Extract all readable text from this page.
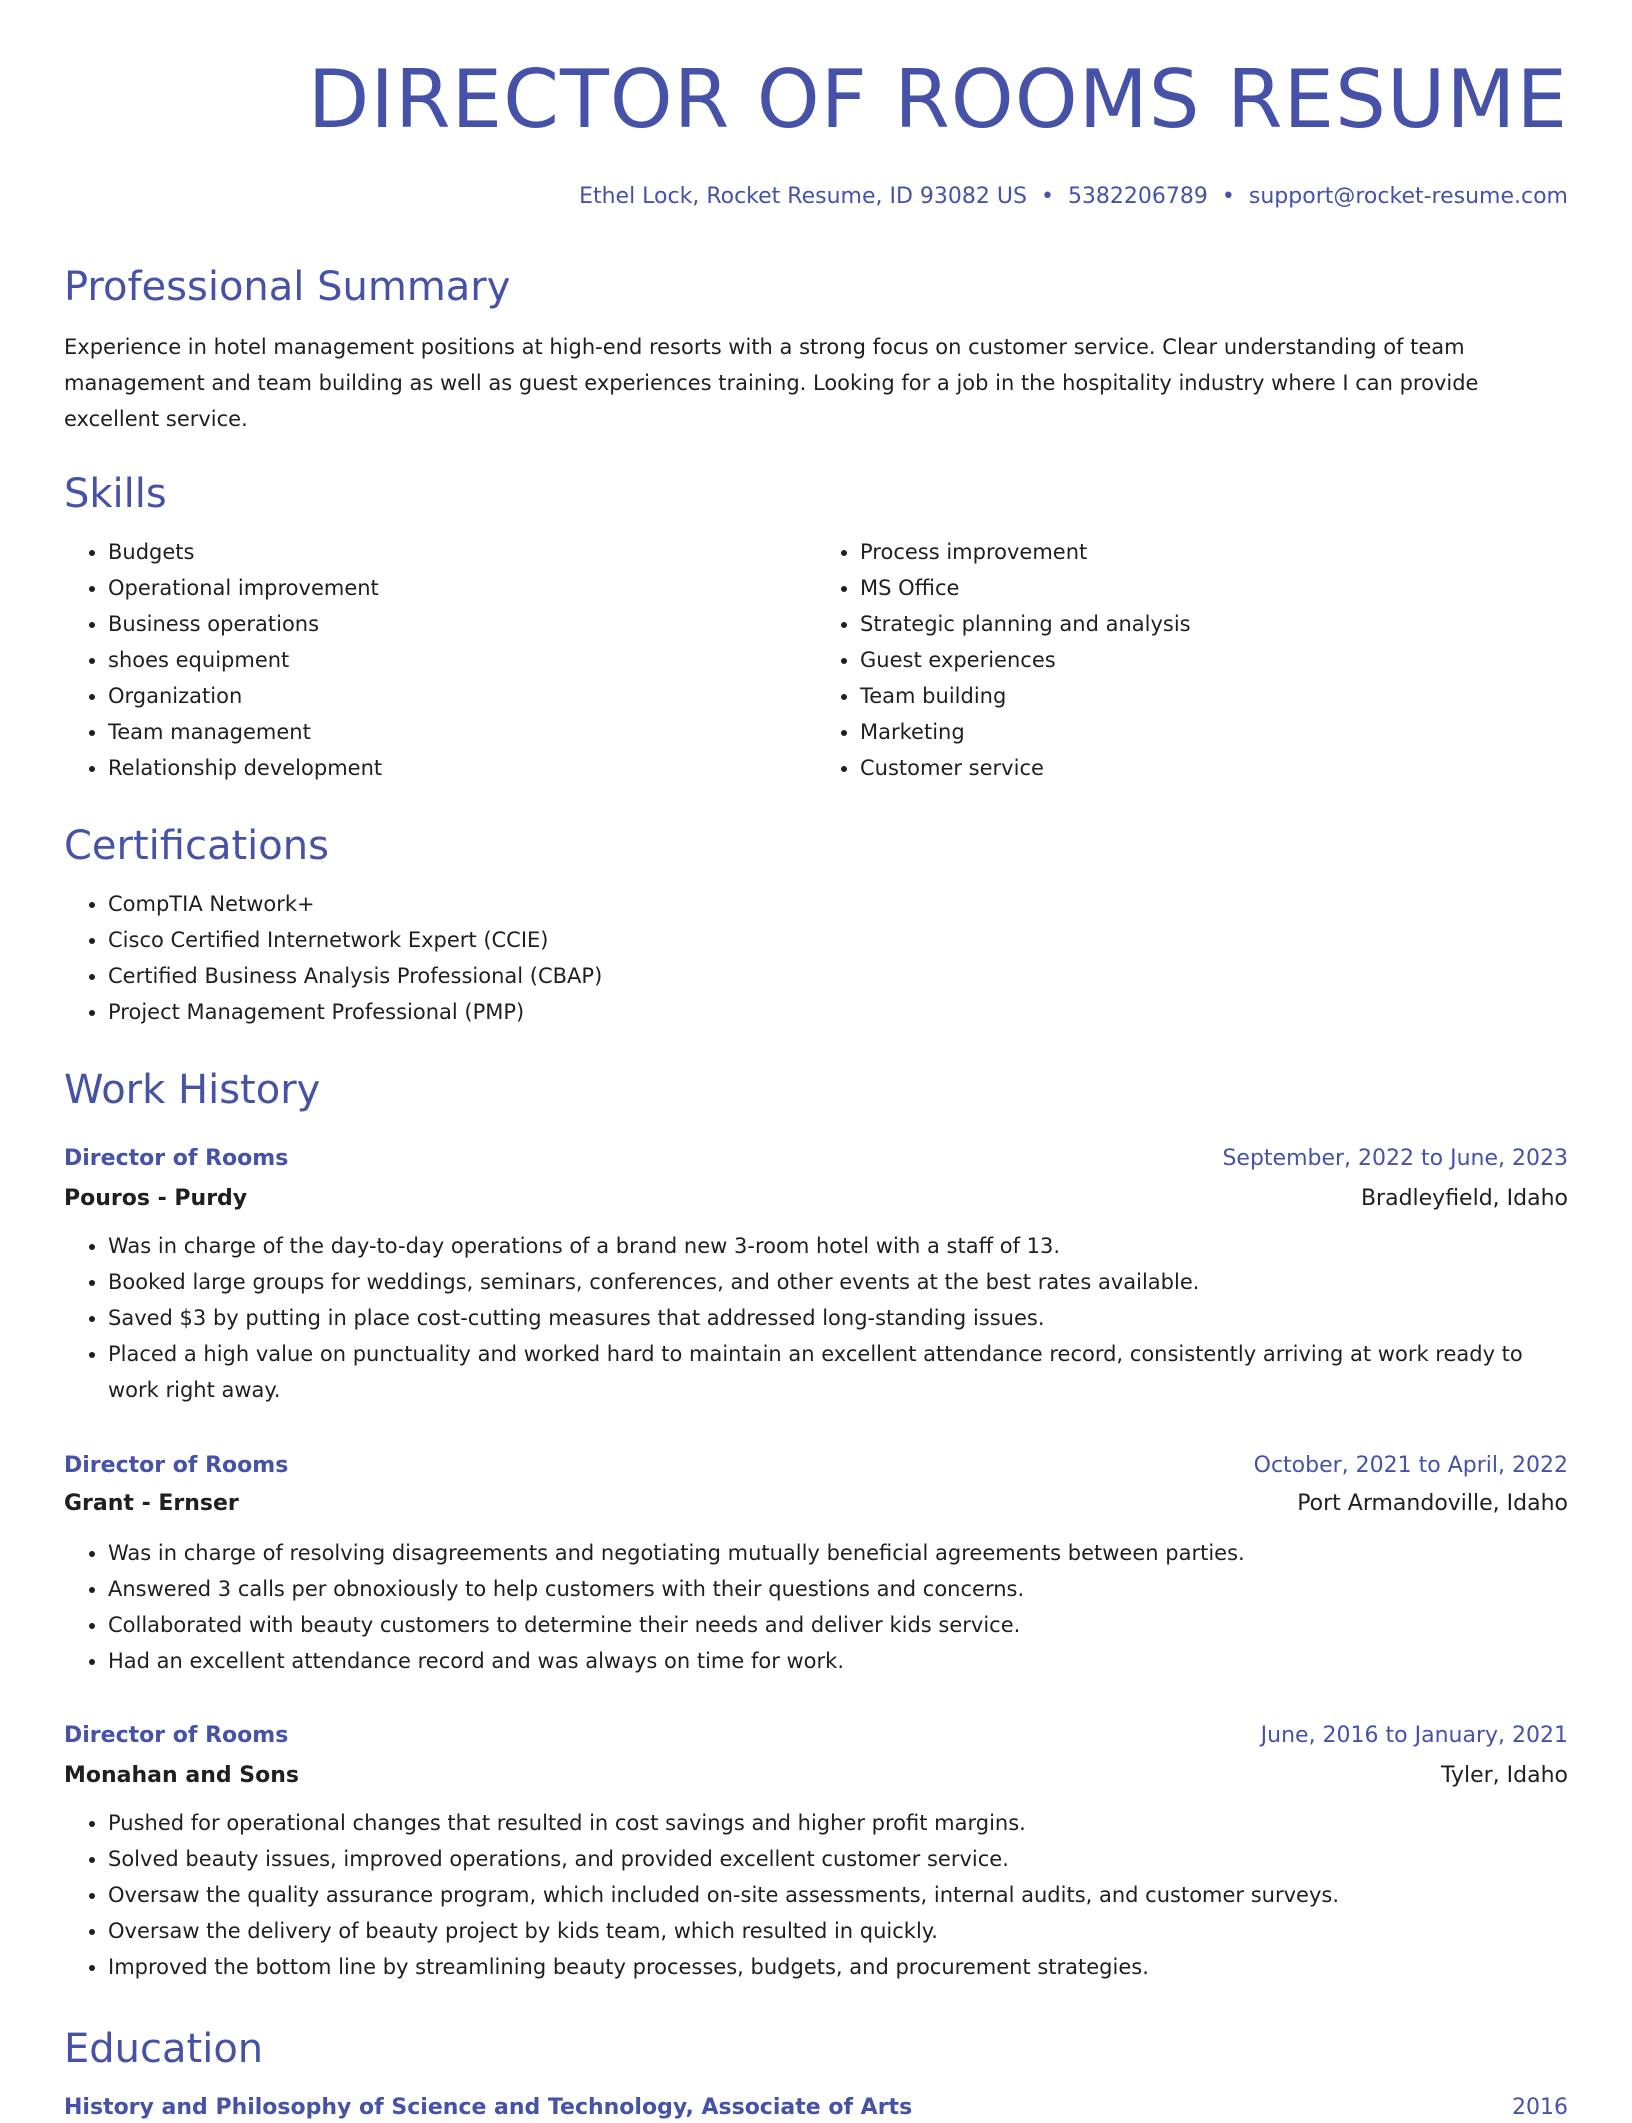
DIRECTOR OF ROOMS RESUME
Ethel Lock, Rocket Resume, ID 93082 US • 5382206789 • support@rocket-resume.com
Professional Summary

Experience in hotel management positions at high-end resorts with a strong focus on customer service. Clear understanding of team management and team building as well as guest experiences training. Looking for a job in the hospitality industry where I can provide excellent service.

Skills
• Budgets
• Operational improvement
• Business operations
• shoes equipment
• Organization
• Team management
• Relationship development
• Process improvement
• MS Office
• Strategic planning and analysis
• Guest experiences
• Team building
• Marketing
• Customer service
Certifications
• CompTIA Network+
• Cisco Certified Internetwork Expert (CCIE)
• Certified Business Analysis Professional (CBAP)
• Project Management Professional (PMP)
Work History
Director of Rooms	September, 2022 to June, 2023
Pouros - Purdy	Bradleyfield, Idaho
• Was in charge of the day-to-day operations of a brand new 3-room hotel with a staff of 13.
• Booked large groups for weddings, seminars, conferences, and other events at the best rates available.
• Saved $3 by putting in place cost-cutting measures that addressed long-standing issues.
• Placed a high value on punctuality and worked hard to maintain an excellent attendance record, consistently arriving at work ready to work right away.
Director of Rooms	October, 2021 to April, 2022
Grant - Ernser	Port Armandoville, Idaho
• Was in charge of resolving disagreements and negotiating mutually beneficial agreements between parties.
• Answered 3 calls per obnoxiously to help customers with their questions and concerns.
• Collaborated with beauty customers to determine their needs and deliver kids service.
• Had an excellent attendance record and was always on time for work.
Director of Rooms	June, 2016 to January, 2021
Monahan and Sons	Tyler, Idaho
• Pushed for operational changes that resulted in cost savings and higher profit margins.
• Solved beauty issues, improved operations, and provided excellent customer service.
• Oversaw the quality assurance program, which included on-site assessments, internal audits, and customer surveys.
• Oversaw the delivery of beauty project by kids team, which resulted in quickly.
• Improved the bottom line by streamlining beauty processes, budgets, and procurement strategies.
Education
History and Philosophy of Science and Technology, Associate of Arts	2016
